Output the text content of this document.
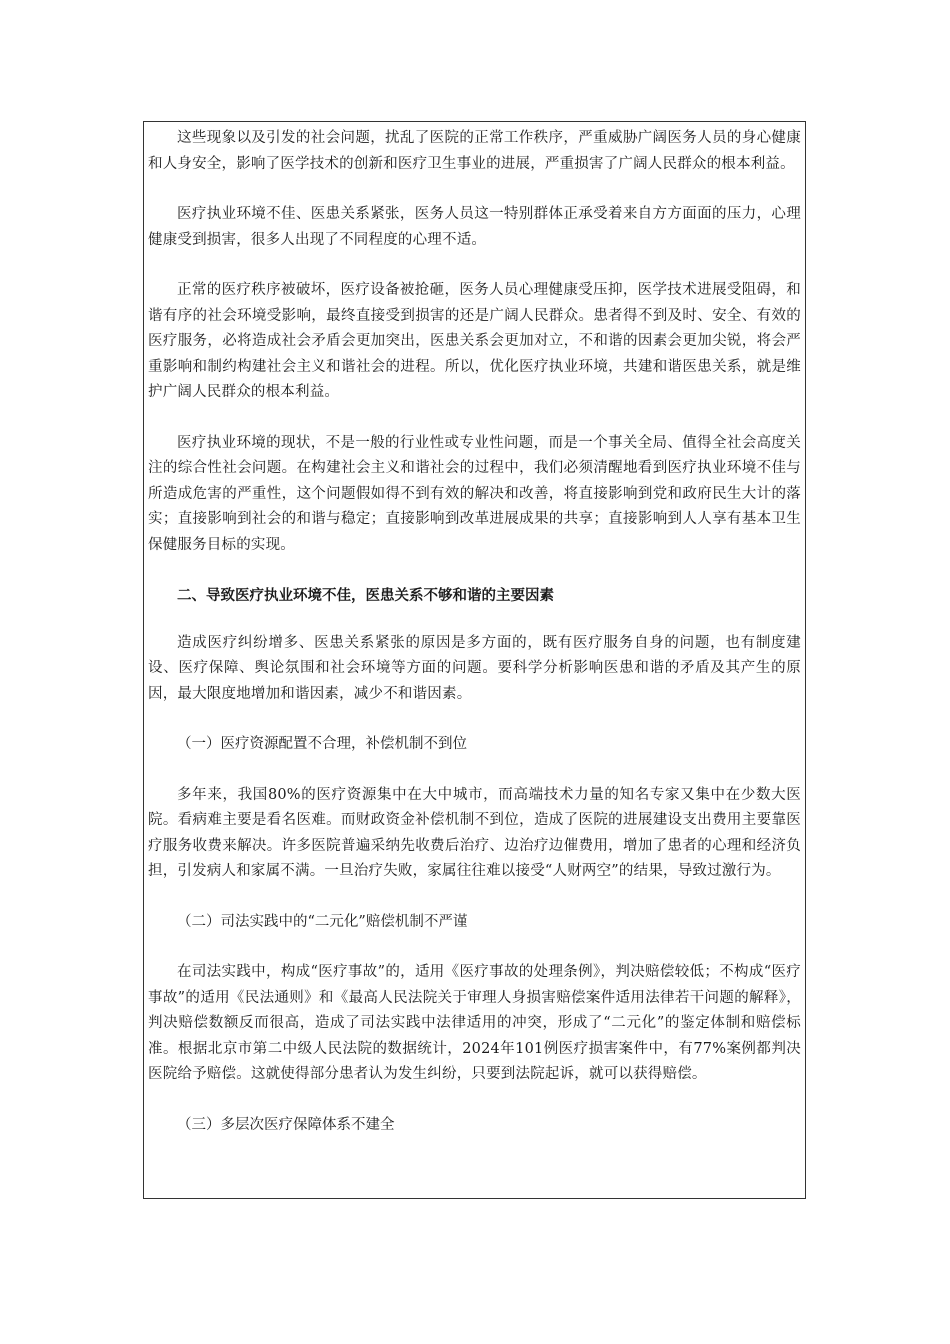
这些现象以及引发的社会问题，扰乱了医院的正常工作秩序，严重威胁广阔医务人员的身心健康和人身安全，影响了医学技术的创新和医疗卫生事业的进展，严重损害了广阔人民群众的根本利益。

医疗执业环境不佳、医患关系紧张，医务人员这一特别群体正承受着来自方方面面的压力，心理健康受到损害，很多人出现了不同程度的心理不适。

正常的医疗秩序被破坏，医疗设备被抢砸，医务人员心理健康受压抑，医学技术进展受阻碍，和谐有序的社会环境受影响，最终直接受到损害的还是广阔人民群众。患者得不到及时、安全、有效的医疗服务，必将造成社会矛盾会更加突出，医患关系会更加对立，不和谐的因素会更加尖锐，将会严重影响和制约构建社会主义和谐社会的进程。所以，优化医疗执业环境，共建和谐医患关系，就是维护广阔人民群众的根本利益。

医疗执业环境的现状，不是一般的行业性或专业性问题，而是一个事关全局、值得全社会高度关注的综合性社会问题。在构建社会主义和谐社会的过程中，我们必须清醒地看到医疗执业环境不佳与所造成危害的严重性，这个问题假如得不到有效的解决和改善，将直接影响到党和政府民生大计的落实；直接影响到社会的和谐与稳定；直接影响到改革进展成果的共享；直接影响到人人享有基本卫生保健服务目标的实现。

二、导致医疗执业环境不佳，医患关系不够和谐的主要因素

造成医疗纠纷增多、医患关系紧张的原因是多方面的，既有医疗服务自身的问题，也有制度建设、医疗保障、舆论氛围和社会环境等方面的问题。要科学分析影响医患和谐的矛盾及其产生的原因，最大限度地增加和谐因素，减少不和谐因素。

（一）医疗资源配置不合理，补偿机制不到位

多年来，我国80%的医疗资源集中在大中城市，而高端技术力量的知名专家又集中在少数大医院。看病难主要是看名医难。而财政资金补偿机制不到位，造成了医院的进展建设支出费用主要靠医疗服务收费来解决。许多医院普遍采纳先收费后治疗、边治疗边催费用，增加了患者的心理和经济负担，引发病人和家属不满。一旦治疗失败，家属往往难以接受“人财两空”的结果，导致过激行为。

（二）司法实践中的“二元化”赔偿机制不严谨

在司法实践中，构成“医疗事故”的，适用《医疗事故的处理条例》，判决赔偿较低；不构成“医疗事故”的适用《民法通则》和《最高人民法院关于审理人身损害赔偿案件适用法律若干问题的解释》，判决赔偿数额反而很高，造成了司法实践中法律适用的冲突，形成了“二元化”的鉴定体制和赔偿标准。根据北京市第二中级人民法院的数据统计，2024年101例医疗损害案件中，有77%案例都判决医院给予赔偿。这就使得部分患者认为发生纠纷，只要到法院起诉，就可以获得赔偿。

（三）多层次医疗保障体系不建全
